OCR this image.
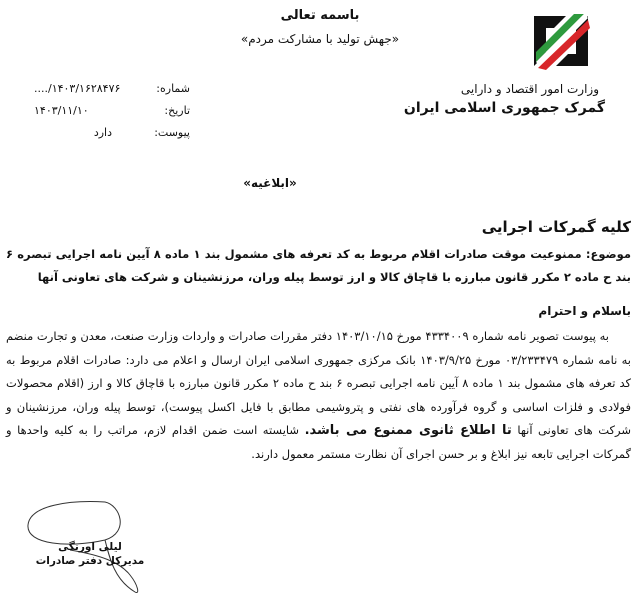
باسمه تعالی
«جهش تولید با مشارکت مردم»
وزارت امور اقتصاد و دارایی
گمرک جمهوری اسلامی ایران
شماره:
..../۱۴۰۳/۱۶۲۸۴۷۶
تاریخ:
۱۴۰۳/۱۱/۱۰
پیوست:
دارد
«ابلاغیه»
کلیه گمرکات اجرایی
موضوع: ممنوعیت موقت صادرات اقلام مربوط به کد تعرفه های مشمول بند ۱ ماده ۸ آیین نامه اجرایی تبصره ۶ بند ح ماده ۲ مکرر قانون مبارزه با قاچاق کالا و ارز توسط پیله وران، مرزنشینان و شرکت های تعاونی آنها
باسلام و احترام
به پیوست تصویر نامه شماره ۴۳۳۴۰۰۹ مورخ ۱۴۰۳/۱۰/۱۵ دفتر مقررات صادرات و واردات وزارت صنعت، معدن و تجارت منضم به نامه شماره ۰۳/۲۳۳۴۷۹ مورخ ۱۴۰۳/۹/۲۵ بانک مرکزی جمهوری اسلامی ایران ارسال و اعلام می دارد: صادرات اقلام مربوط به کد تعرفه های مشمول بند ۱ ماده ۸ آیین نامه اجرایی تبصره ۶ بند ح ماده ۲ مکرر قانون مبارزه با قاچاق کالا و ارز (اقلام محصولات فولادی و فلزات اساسی و گروه فرآورده های نفتی و پتروشیمی مطابق با فایل اکسل پیوست)، توسط پیله وران، مرزنشینان و شرکت های تعاونی آنها تا اطلاع ثانوی ممنوع می باشد. شایسته است ضمن اقدام لازم، مراتب را به کلیه واحدها و گمرکات اجرایی تابعه نیز ابلاغ و بر حسن اجرای آن نظارت مستمر معمول دارند.
لیلی اورنگی
مدیرکل دفتر صادرات
